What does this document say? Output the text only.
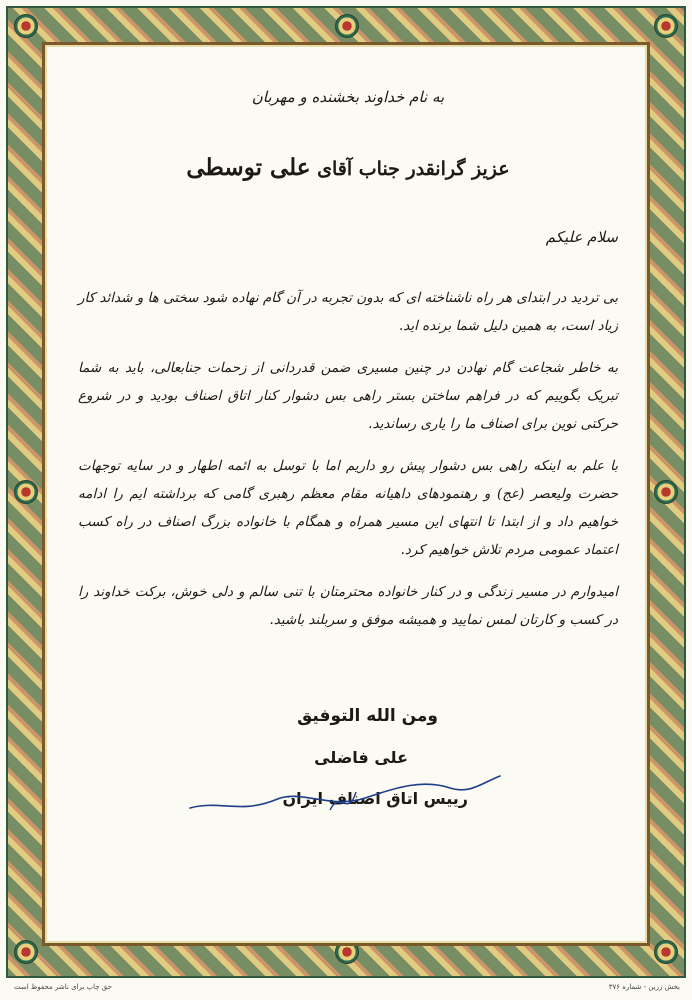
به نام خداوند بخشنده و مهربان
عزیز گرانقدر جناب آقای علی توسطی
سلام علیکم

بی تردید در ابتدای هر راه ناشناخته ای که بدون تجربه در آن گام نهاده شود سختی ها و شدائد کار زیاد است، به همین دلیل شما برنده اید.

به خاطر شجاعت گام نهادن در چنین مسیری ضمن قدردانی از زحمات جنابعالی، باید به شما تبریک بگوییم که در فراهم ساختن بستر راهی بس دشوار کنار اتاق اصناف بودید و در شروع حرکتی نوین برای اصناف ما را یاری رساندید.

با علم به اینکه راهی بس دشوار پیش رو داریم اما با توسل به ائمه اطهار و در سایه توجهات حضرت ولیعصر (عج) و رهنمودهای داهیانه مقام معظم رهبری گامی که برداشته ایم را ادامه خواهیم داد و از ابتدا تا انتهای این مسیر همراه و همگام با خانواده بزرگ اصناف در راه کسب اعتماد عمومی مردم تلاش خواهیم کرد.

امیدوارم در مسیر زندگی و در کنار خانواده محترمتان با تنی سالم و دلی خوش، برکت خداوند را در کسب و کارتان لمس نمایید و همیشه موفق و سربلند باشید.

ومن الله التوفيق
علی فاضلی
رییس اتاق اصناف ایران
بخش زرین - شماره ۳۷۶
حق چاپ برای ناشر محفوظ است
